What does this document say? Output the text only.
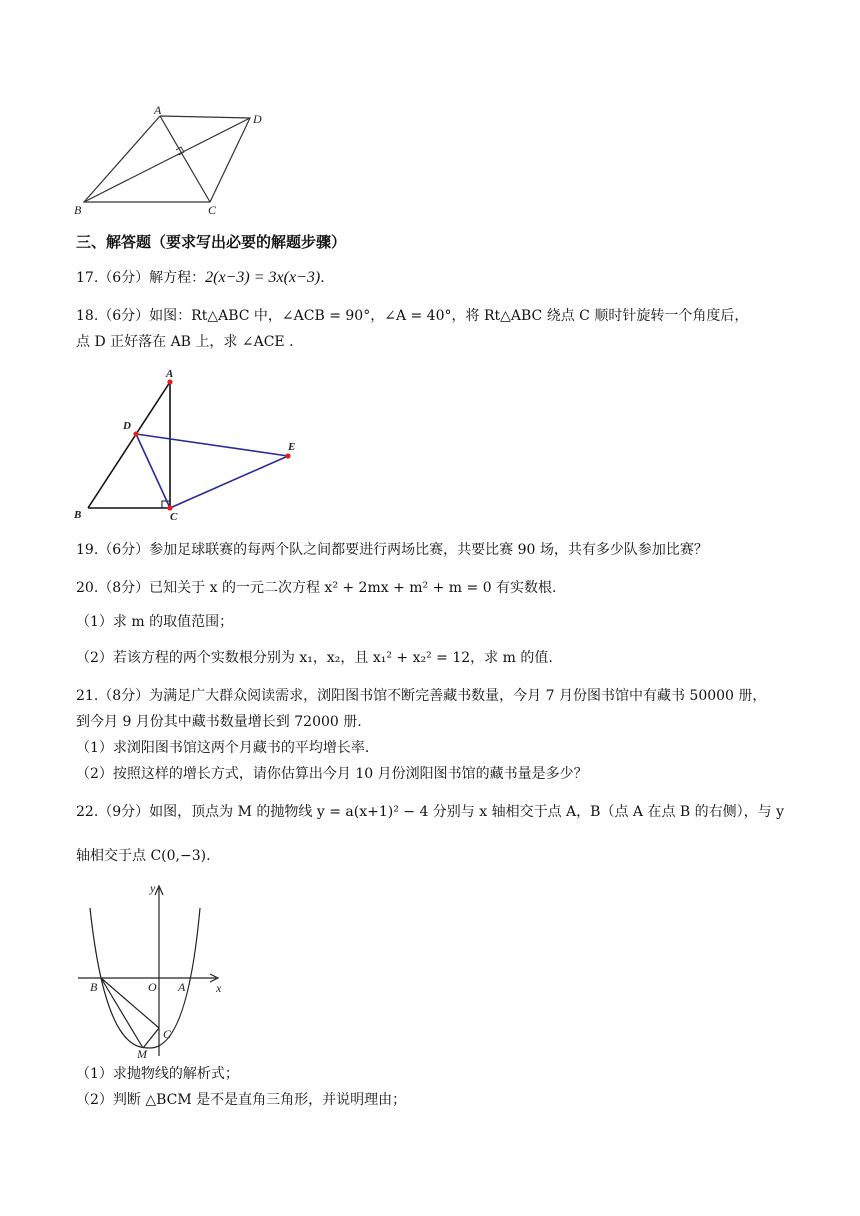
A
D
B	C
三、解答题（要求写出必要的解题步骤）
17.（6分）解方程：2(x−3) = 3x(x−3).
18.（6分）如图：Rt△ABC 中，∠ACB = 90°，∠A = 40°，将 Rt△ABC 绕点 C 顺时针旋转一个角度后，
点 D 正好落在 AB 上，求 ∠ACE .
A
D
E
B	C
19.（6分）参加足球联赛的每两个队之间都要进行两场比赛，共要比赛 90 场，共有多少队参加比赛？
20.（8分）已知关于 x 的一元二次方程 x² + 2mx + m² + m = 0 有实数根.
（1）求 m 的取值范围；
（2）若该方程的两个实数根分别为 x₁，x₂，且 x₁² + x₂² = 12，求 m 的值.
21.（8分）为满足广大群众阅读需求，浏阳图书馆不断完善藏书数量，今月 7 月份图书馆中有藏书 50000 册，
到今月 9 月份其中藏书数量增长到 72000 册.
（1）求浏阳图书馆这两个月藏书的平均增长率.
（2）按照这样的增长方式，请你估算出今月 10 月份浏阳图书馆的藏书量是多少？
22.（9分）如图，顶点为 M 的抛物线 y = a(x+1)² − 4 分别与 x 轴相交于点 A，B（点 A 在点 B 的右侧），与 y
轴相交于点 C(0,−3).
y
x
B	O A
C
M
（1）求抛物线的解析式；
（2）判断 △BCM 是不是直角三角形，并说明理由；
